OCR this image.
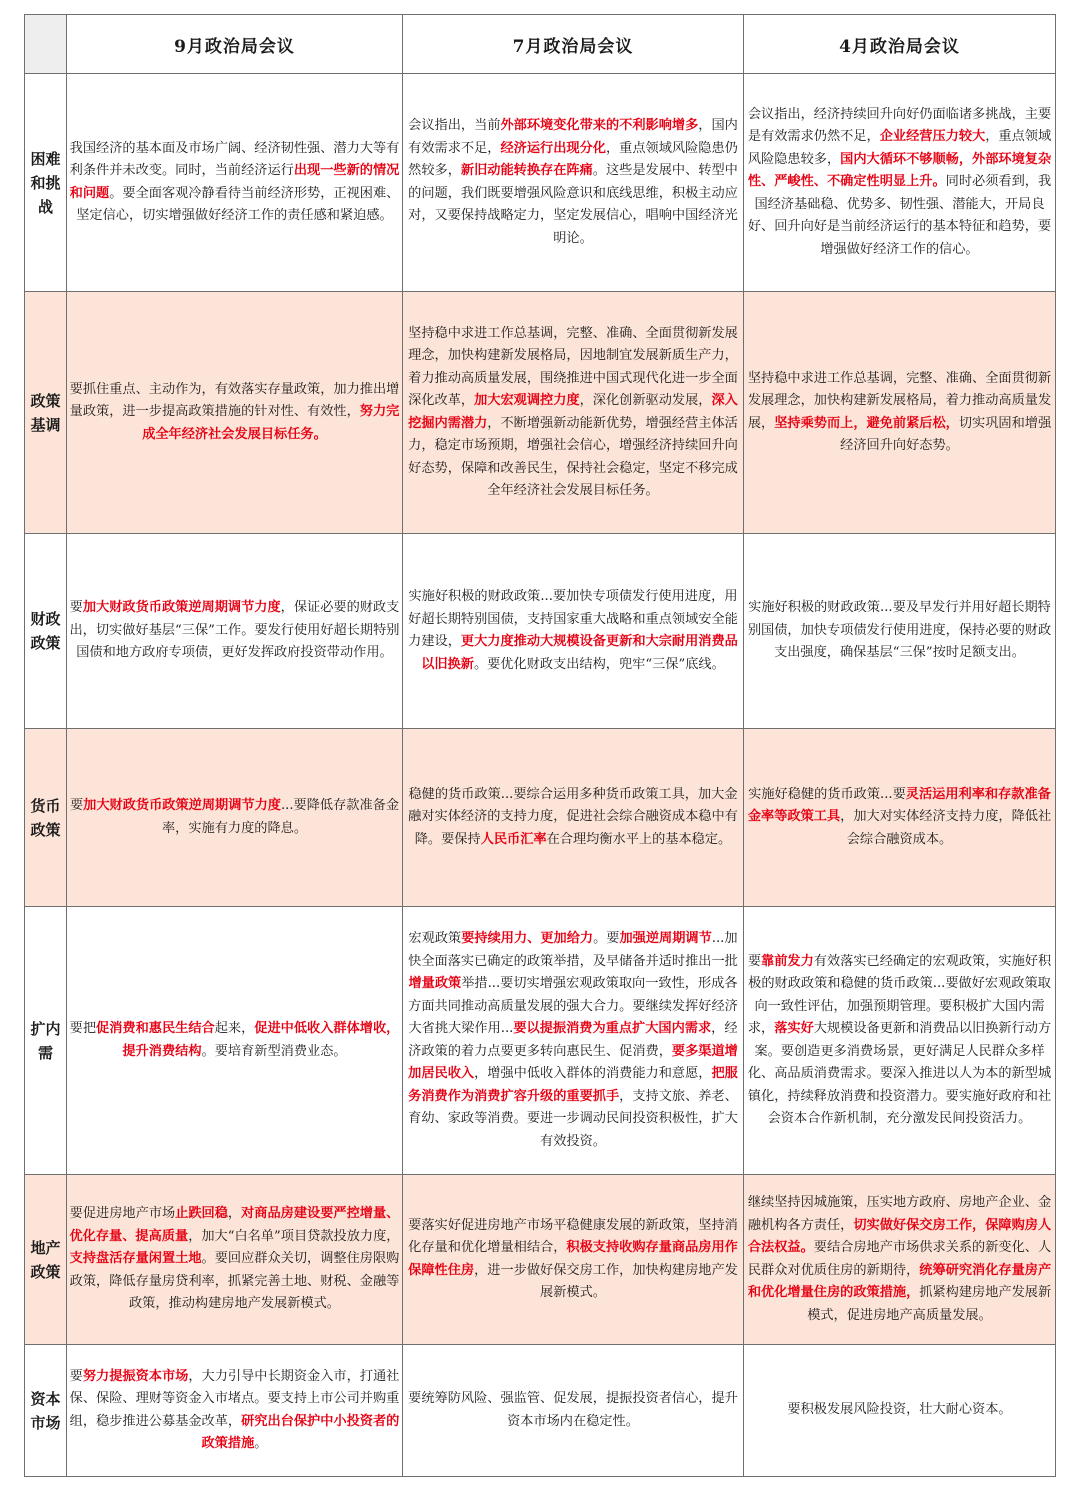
	9月政治局会议	7月政治局会议	4月政治局会议
困难和挑战	我国经济的基本面及市场广阔、经济韧性强、潜力大等有利条件并未改变。同时，当前经济运行出现一些新的情况和问题。要全面客观冷静看待当前经济形势，正视困难、坚定信心，切实增强做好经济工作的责任感和紧迫感。	会议指出，当前外部环境变化带来的不利影响增多，国内有效需求不足，经济运行出现分化，重点领域风险隐患仍然较多，新旧动能转换存在阵痛。这些是发展中、转型中的问题，我们既要增强风险意识和底线思维，积极主动应对，又要保持战略定力，坚定发展信心，唱响中国经济光明论。	会议指出，经济持续回升向好仍面临诸多挑战，主要是有效需求仍然不足，企业经营压力较大，重点领域风险隐患较多，国内大循环不够顺畅，外部环境复杂性、严峻性、不确定性明显上升。同时必须看到，我国经济基础稳、优势多、韧性强、潜能大，开局良好、回升向好是当前经济运行的基本特征和趋势，要增强做好经济工作的信心。
政策基调	要抓住重点、主动作为，有效落实存量政策，加力推出增量政策，进一步提高政策措施的针对性、有效性，努力完成全年经济社会发展目标任务。	坚持稳中求进工作总基调，完整、准确、全面贯彻新发展理念，加快构建新发展格局，因地制宜发展新质生产力，着力推动高质量发展，围绕推进中国式现代化进一步全面深化改革，加大宏观调控力度，深化创新驱动发展，深入挖掘内需潜力，不断增强新动能新优势，增强经营主体活力，稳定市场预期，增强社会信心，增强经济持续回升向好态势，保障和改善民生，保持社会稳定，坚定不移完成全年经济社会发展目标任务。	坚持稳中求进工作总基调，完整、准确、全面贯彻新发展理念，加快构建新发展格局，着力推动高质量发展，坚持乘势而上，避免前紧后松，切实巩固和增强经济回升向好态势。
财政政策	要加大财政货币政策逆周期调节力度，保证必要的财政支出，切实做好基层“三保”工作。要发行使用好超长期特别国债和地方政府专项债，更好发挥政府投资带动作用。	实施好积极的财政政策...要加快专项债发行使用进度，用好超长期特别国债，支持国家重大战略和重点领域安全能力建设，更大力度推动大规模设备更新和大宗耐用消费品以旧换新。要优化财政支出结构，兜牢“三保”底线。	实施好积极的财政政策...要及早发行并用好超长期特别国债，加快专项债发行使用进度，保持必要的财政支出强度，确保基层“三保”按时足额支出。
货币政策	要加大财政货币政策逆周期调节力度...要降低存款准备金率，实施有力度的降息。	稳健的货币政策...要综合运用多种货币政策工具，加大金融对实体经济的支持力度，促进社会综合融资成本稳中有降。要保持人民币汇率在合理均衡水平上的基本稳定。	实施好稳健的货币政策...要灵活运用利率和存款准备金率等政策工具，加大对实体经济支持力度，降低社会综合融资成本。
扩内需	要把促消费和惠民生结合起来，促进中低收入群体增收，提升消费结构。要培育新型消费业态。	宏观政策要持续用力、更加给力。要加强逆周期调节...加快全面落实已确定的政策举措，及早储备并适时推出一批增量政策举措...要切实增强宏观政策取向一致性，形成各方面共同推动高质量发展的强大合力。要继续发挥好经济大省挑大梁作用...要以提振消费为重点扩大国内需求，经济政策的着力点要更多转向惠民生、促消费，要多渠道增加居民收入，增强中低收入群体的消费能力和意愿，把服务消费作为消费扩容升级的重要抓手，支持文旅、养老、育幼、家政等消费。要进一步调动民间投资积极性，扩大有效投资。	要靠前发力有效落实已经确定的宏观政策，实施好积极的财政政策和稳健的货币政策...要做好宏观政策取向一致性评估，加强预期管理。要积极扩大国内需求，落实好大规模设备更新和消费品以旧换新行动方案。要创造更多消费场景，更好满足人民群众多样化、高品质消费需求。要深入推进以人为本的新型城镇化，持续释放消费和投资潜力。要实施好政府和社会资本合作新机制，充分激发民间投资活力。
地产政策	要促进房地产市场止跌回稳，对商品房建设要严控增量、优化存量、提高质量，加大“白名单”项目贷款投放力度，支持盘活存量闲置土地。要回应群众关切，调整住房限购政策，降低存量房贷利率，抓紧完善土地、财税、金融等政策，推动构建房地产发展新模式。	要落实好促进房地产市场平稳健康发展的新政策，坚持消化存量和优化增量相结合，积极支持收购存量商品房用作保障性住房，进一步做好保交房工作，加快构建房地产发展新模式。	继续坚持因城施策，压实地方政府、房地产企业、金融机构各方责任，切实做好保交房工作，保障购房人合法权益。要结合房地产市场供求关系的新变化、人民群众对优质住房的新期待，统筹研究消化存量房产和优化增量住房的政策措施，抓紧构建房地产发展新模式，促进房地产高质量发展。
资本市场	要努力提振资本市场，大力引导中长期资金入市，打通社保、保险、理财等资金入市堵点。要支持上市公司并购重组，稳步推进公募基金改革，研究出台保护中小投资者的政策措施。	要统筹防风险、强监管、促发展，提振投资者信心，提升资本市场内在稳定性。	要积极发展风险投资，壮大耐心资本。
